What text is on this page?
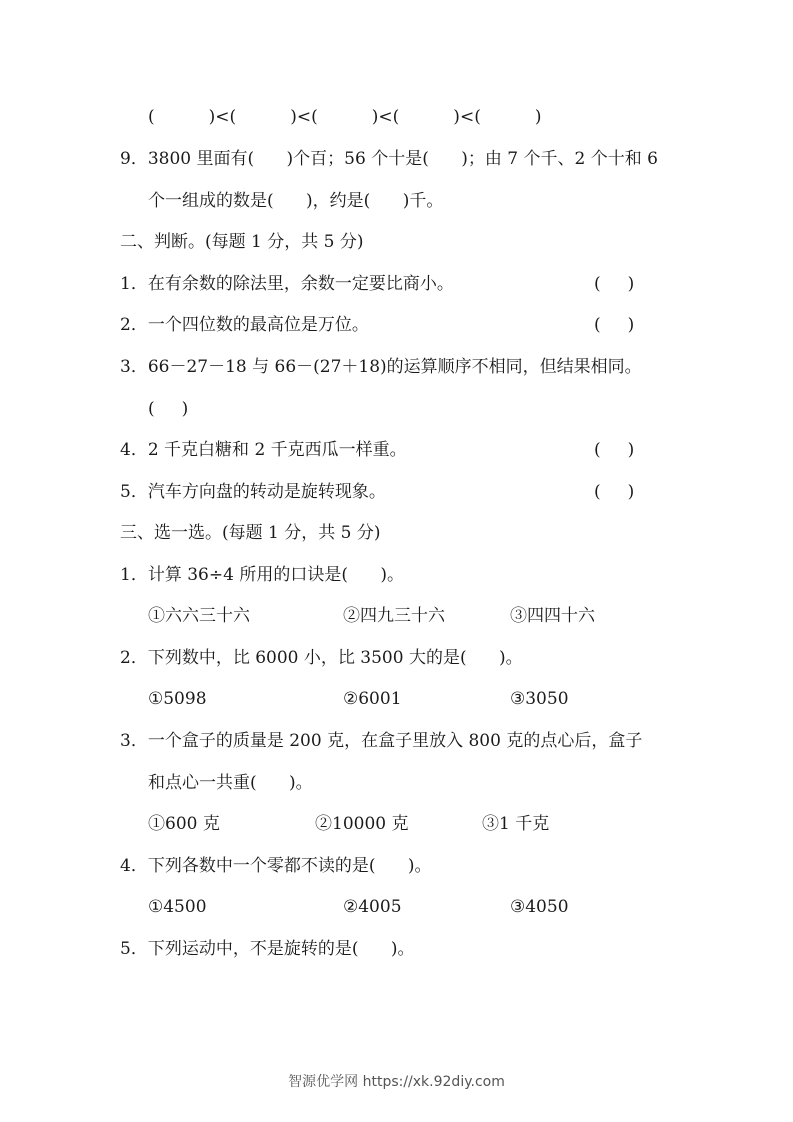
(          )<(          )<(          )<(          )<(          )
9．3800 里面有(      )个百；56 个十是(      )；由 7 个千、2 个十和 6
个一组成的数是(      )，约是(      )千。
二、判断。(每题 1 分，共 5 分)
1．在有余数的除法里，余数一定要比商小。	(     )
2．一个四位数的最高位是万位。	(     )
3．66－27－18 与 66－(27＋18)的运算顺序不相同，但结果相同。
(     )
4．2 千克白糖和 2 千克西瓜一样重。	(     )
5．汽车方向盘的转动是旋转现象。	(     )
三、选一选。(每题 1 分，共 5 分)
1．计算 36÷4 所用的口诀是(      )。
①六六三十六	②四九三十六	③四四十六
2．下列数中，比 6000 小，比 3500 大的是(      )。
①5098	②6001	③3050
3．一个盒子的质量是 200 克，在盒子里放入 800 克的点心后，盒子
和点心一共重(      )。
①600 克	②10000 克	③1 千克
4．下列各数中一个零都不读的是(      )。
①4500	②4005	③4050
5．下列运动中，不是旋转的是(      )。
智源优学网 https://xk.92diy.com
